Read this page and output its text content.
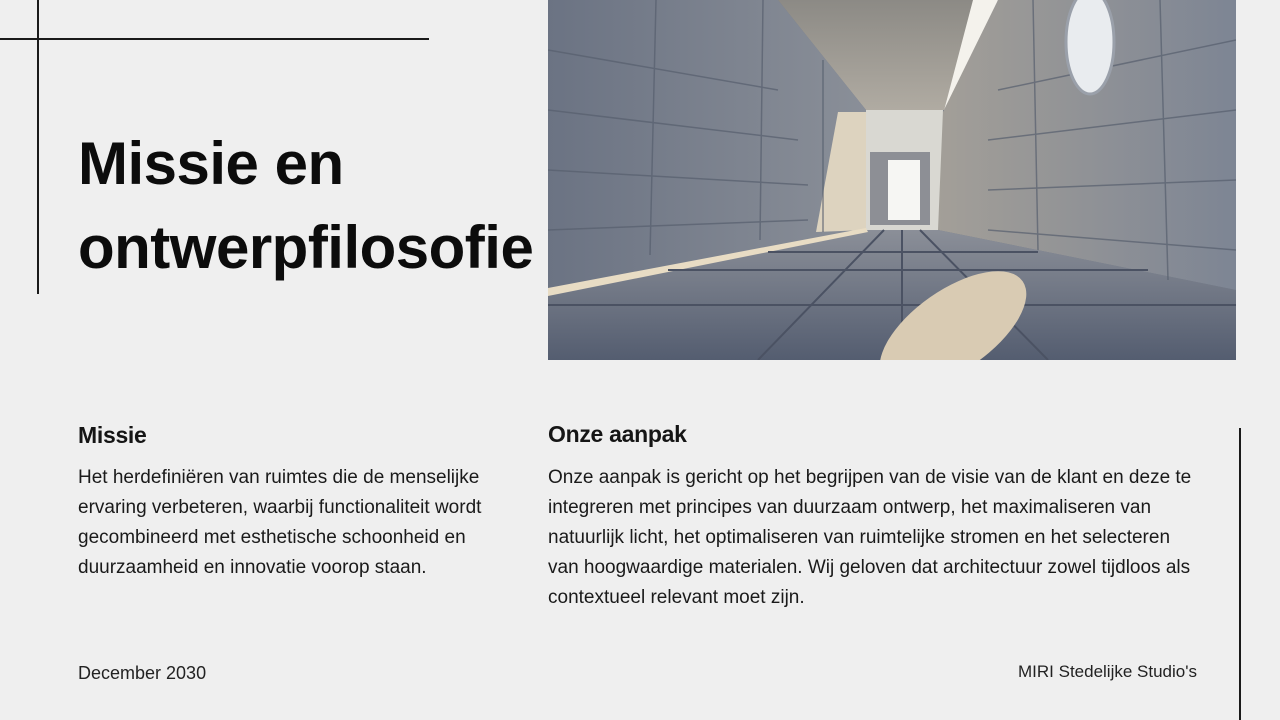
Missie en ontwerpfilosofie
Missie

Het herdefiniëren van ruimtes die de menselijke ervaring verbeteren, waarbij functionaliteit wordt gecombineerd met esthetische schoonheid en duurzaamheid en innovatie voorop staan.

Onze aanpak

Onze aanpak is gericht op het begrijpen van de visie van de klant en deze te integreren met principes van duurzaam ontwerp, het maximaliseren van natuurlijk licht, het optimaliseren van ruimtelijke stromen en het selecteren van hoogwaardige materialen. Wij geloven dat architectuur zowel tijdloos als contextueel relevant moet zijn.

December 2030	MIRI Stedelijke Studio's
